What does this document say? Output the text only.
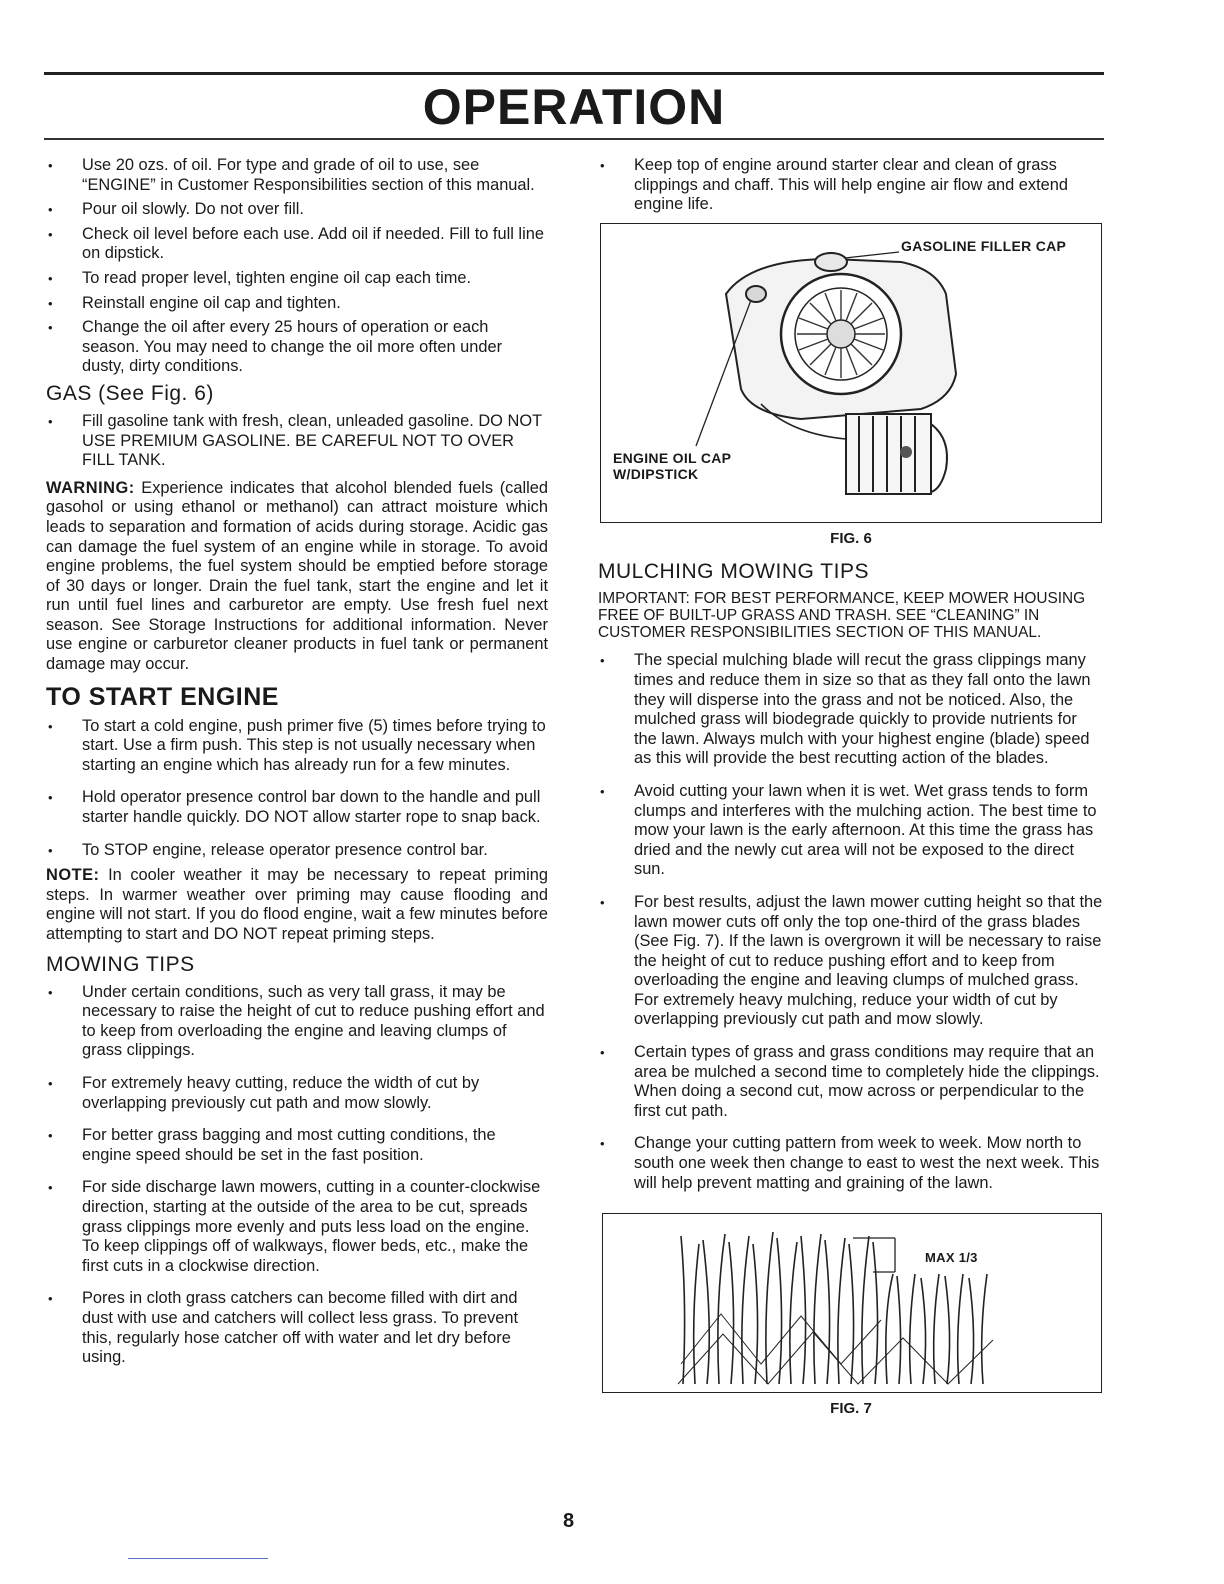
OPERATION
•	Use 20 ozs. of oil. For type and grade of oil to use, see “ENGINE” in Customer Responsibilities section of this manual.
•	Pour oil slowly. Do not over fill.
•	Check oil level before each use. Add oil if needed. Fill to full line on dipstick.
•	To read proper level, tighten engine oil cap each time.
•	Reinstall engine oil cap and tighten.
•	Change the oil after every 25 hours of operation or each season. You may need to change the oil more often under dusty, dirty conditions.
GAS (See Fig. 6)
•	Fill gasoline tank with fresh, clean, unleaded gasoline. DO NOT USE PREMIUM GASOLINE. BE CAREFUL NOT TO OVER FILL TANK.

WARNING: Experience indicates that alcohol blended fuels (called gasohol or using ethanol or methanol) can attract moisture which leads to separation and formation of acids during storage. Acidic gas can damage the fuel system of an engine while in storage. To avoid engine problems, the fuel system should be emptied before storage of 30 days or longer. Drain the fuel tank, start the engine and let it run until fuel lines and carburetor are empty. Use fresh fuel next season. See Storage Instructions for additional information. Never use engine or carburetor cleaner products in fuel tank or permanent damage may occur.

TO START ENGINE
•	To start a cold engine, push primer five (5) times before trying to start. Use a firm push. This step is not usually necessary when starting an engine which has already run for a few minutes.
•	Hold operator presence control bar down to the handle and pull starter handle quickly. DO NOT allow starter rope to snap back.
•	To STOP engine, release operator presence control bar.

NOTE: In cooler weather it may be necessary to repeat priming steps. In warmer weather over priming may cause flooding and engine will not start. If you do flood engine, wait a few minutes before attempting to start and DO NOT repeat priming steps.

MOWING TIPS
•	Under certain conditions, such as very tall grass, it may be necessary to raise the height of cut to reduce pushing effort and to keep from overloading the engine and leaving clumps of grass clippings.
•	For extremely heavy cutting, reduce the width of cut by overlapping previously cut path and mow slowly.
•	For better grass bagging and most cutting conditions, the engine speed should be set in the fast position.
•	For side discharge lawn mowers, cutting in a counter-clockwise direction, starting at the outside of the area to be cut, spreads grass clippings more evenly and puts less load on the engine. To keep clippings off of walkways, flower beds, etc., make the first cuts in a clockwise direction.
•	Pores in cloth grass catchers can become filled with dirt and dust with use and catchers will collect less grass. To prevent this, regularly hose catcher off with water and let dry before using.
•	Keep top of engine around starter clear and clean of grass clippings and chaff. This will help engine air flow and extend engine life.
GASOLINE FILLER CAP
ENGINE OIL CAP
W/DIPSTICK
FIG. 6
MULCHING MOWING TIPS

IMPORTANT: FOR BEST PERFORMANCE, KEEP MOWER HOUSING FREE OF BUILT-UP GRASS AND TRASH. SEE “CLEANING” IN CUSTOMER RESPONSIBILITIES SECTION OF THIS MANUAL.

•	The special mulching blade will recut the grass clippings many times and reduce them in size so that as they fall onto the lawn they will disperse into the grass and not be noticed. Also, the mulched grass will biodegrade quickly to provide nutrients for the lawn. Always mulch with your highest engine (blade) speed as this will provide the best recutting action of the blades.
•	Avoid cutting your lawn when it is wet. Wet grass tends to form clumps and interferes with the mulching action. The best time to mow your lawn is the early afternoon. At this time the grass has dried and the newly cut area will not be exposed to the direct sun.
•	For best results, adjust the lawn mower cutting height so that the lawn mower cuts off only the top one-third of the grass blades (See Fig. 7). If the lawn is overgrown it will be necessary to raise the height of cut to reduce pushing effort and to keep from overloading the engine and leaving clumps of mulched grass. For extremely heavy mulching, reduce your width of cut by overlapping previously cut path and mow slowly.
•	Certain types of grass and grass conditions may require that an area be mulched a second time to completely hide the clippings. When doing a second cut, mow across or perpendicular to the first cut path.
•	Change your cutting pattern from week to week. Mow north to south one week then change to east to west the next week. This will help prevent matting and graining of the lawn.
MAX 1/3
FIG. 7
8
